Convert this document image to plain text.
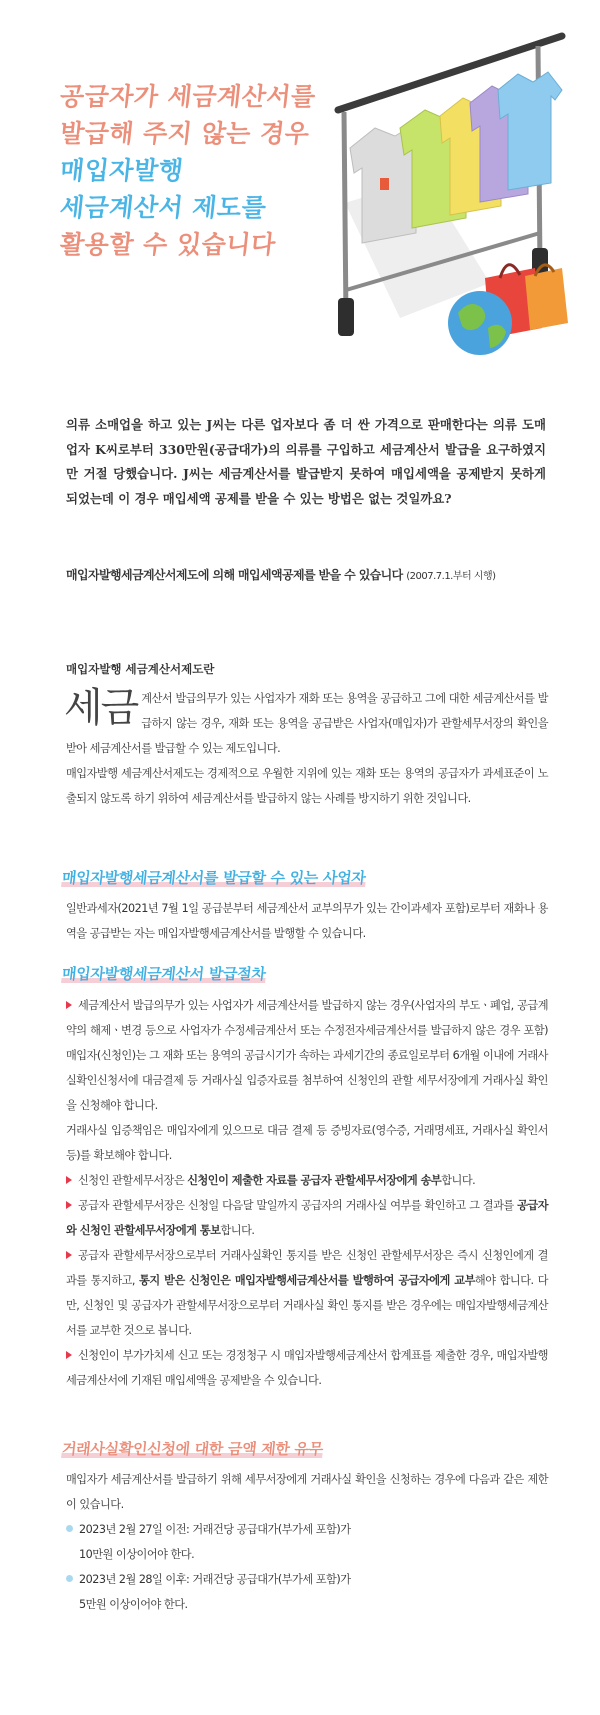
공급자가 세금계산서를
발급해 주지 않는 경우
매입자발행
세금계산서 제도를
활용할 수 있습니다
의류 소매업을 하고 있는 J씨는 다른 업자보다 좀 더 싼 가격으로 판매한다는 의류 도매업자 K씨로부터 330만원(공급대가)의 의류를 구입하고 세금계산서 발급을 요구하였지만 거절 당했습니다. J씨는 세금계산서를 발급받지 못하여 매입세액을 공제받지 못하게 되었는데 이 경우 매입세액 공제를 받을 수 있는 방법은 없는 것일까요?
매입자발행세금계산서제도에 의해 매입세액공제를 받을 수 있습니다 (2007.7.1.부터 시행)
매입자발행 세금계산서제도란

세금 계산서 발급의무가 있는 사업자가 재화 또는 용역을 공급하고 그에 대한 세금계산서를 발급하지 않는 경우, 재화 또는 용역을 공급받은 사업자(매입자)가 관할세무서장의 확인을 받아 세금계산서를 발급할 수 있는 제도입니다.

매입자발행 세금계산서제도는 경제적으로 우월한 지위에 있는 재화 또는 용역의 공급자가 과세표준이 노출되지 않도록 하기 위하여 세금계산서를 발급하지 않는 사례를 방지하기 위한 것입니다.

매입자발행세금계산서를 발급할 수 있는 사업자
일반과세자(2021년 7월 1일 공급분부터 세금계산서 교부의무가 있는 간이과세자 포함)로부터 재화나 용역을 공급받는 자는 매입자발행세금계산서를 발행할 수 있습니다.
매입자발행세금계산서 발급절차

세금계산서 발급의무가 있는 사업자가 세금계산서를 발급하지 않는 경우(사업자의 부도ㆍ폐업, 공급계약의 해제ㆍ변경 등으로 사업자가 수정세금계산서 또는 수정전자세금계산서를 발급하지 않은 경우 포함) 매입자(신청인)는 그 재화 또는 용역의 공급시기가 속하는 과세기간의 종료일로부터 6개월 이내에 거래사실확인신청서에 대금결제 등 거래사실 입증자료를 첨부하여 신청인의 관할 세무서장에게 거래사실 확인을 신청해야 합니다.

거래사실 입증책임은 매입자에게 있으므로 대금 결제 등 증빙자료(영수증, 거래명세표, 거래사실 확인서 등)를 확보해야 합니다.

신청인 관할세무서장은 신청인이 제출한 자료를 공급자 관할세무서장에게 송부합니다.

공급자 관할세무서장은 신청일 다음달 말일까지 공급자의 거래사실 여부를 확인하고 그 결과를 공급자와 신청인 관할세무서장에게 통보합니다.

공급자 관할세무서장으로부터 거래사실확인 통지를 받은 신청인 관할세무서장은 즉시 신청인에게 결과를 통지하고, 통지 받은 신청인은 매입자발행세금계산서를 발행하여 공급자에게 교부해야 합니다. 다만, 신청인 및 공급자가 관할세무서장으로부터 거래사실 확인 통지를 받은 경우에는 매입자발행세금계산서를 교부한 것으로 봅니다.

신청인이 부가가치세 신고 또는 경정청구 시 매입자발행세금계산서 합계표를 제출한 경우, 매입자발행세금계산서에 기재된 매입세액을 공제받을 수 있습니다.

거래사실확인신청에 대한 금액 제한 유무

매입자가 세금계산서를 발급하기 위해 세무서장에게 거래사실 확인을 신청하는 경우에 다음과 같은 제한이 있습니다.

2023년 2월 27일 이전: 거래건당 공급대가(부가세 포함)가

10만원 이상이어야 한다.

2023년 2월 28일 이후: 거래건당 공급대가(부가세 포함)가

5만원 이상이어야 한다.
